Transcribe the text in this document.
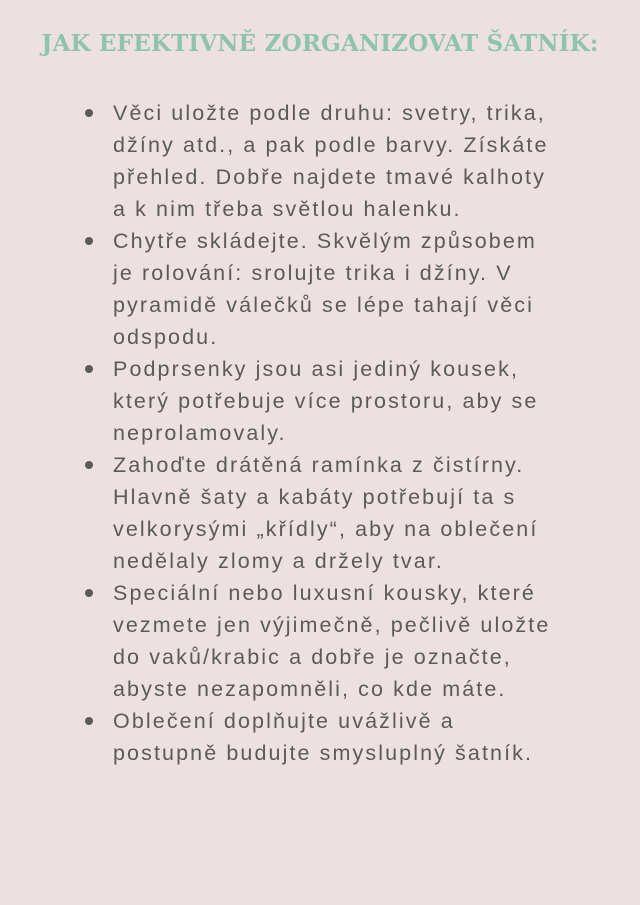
JAK EFEKTIVNĚ ZORGANIZOVAT ŠATNÍK:
Věci uložte podle druhu: svetry, trika, džíny atd., a pak podle barvy. Získáte přehled. Dobře najdete tmavé kalhoty a k nim třeba světlou halenku.
Chytře skládejte. Skvělým způsobem je rolování: srolujte trika i džíny. V pyramidě válečků se lépe tahají věci odspodu.
Podprsenky jsou asi jediný kousek, který potřebuje více prostoru, aby se neprolamovaly.
Zahoďte drátěná ramínka z čistírny. Hlavně šaty a kabáty potřebují ta s velkorysými „křídly“, aby na oblečení nedělaly zlomy a držely tvar.
Speciální nebo luxusní kousky, které vezmete jen výjimečně, pečlivě uložte do vaků/krabic a dobře je označte, abyste nezapomněli, co kde máte.
Oblečení doplňujte uvážlivě a postupně budujte smysluplný šatník.
